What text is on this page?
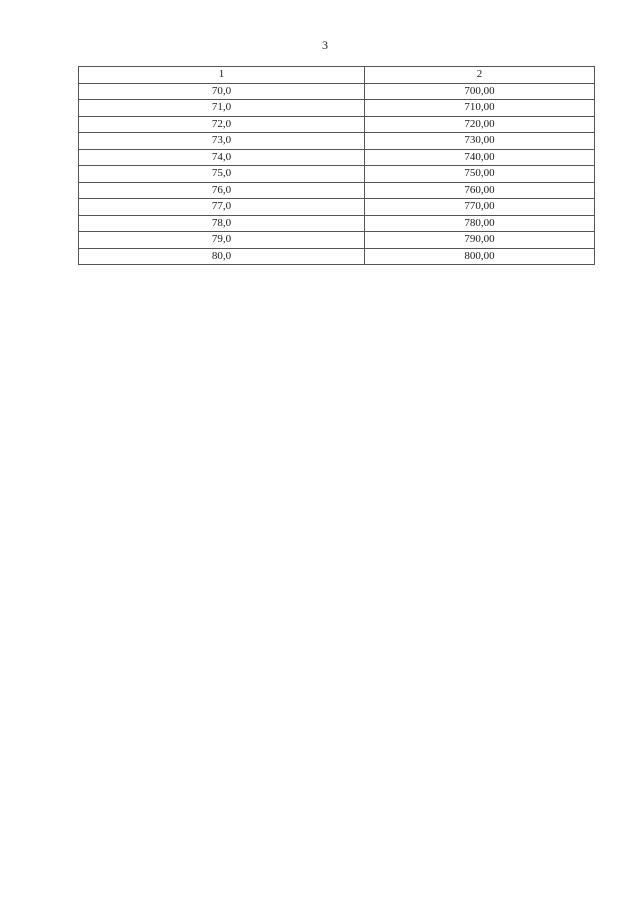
3
1	2
70,0	700,00
71,0	710,00
72,0	720,00
73,0	730,00
74,0	740,00
75,0	750,00
76,0	760,00
77,0	770,00
78,0	780,00
79,0	790,00
80,0	800,00
